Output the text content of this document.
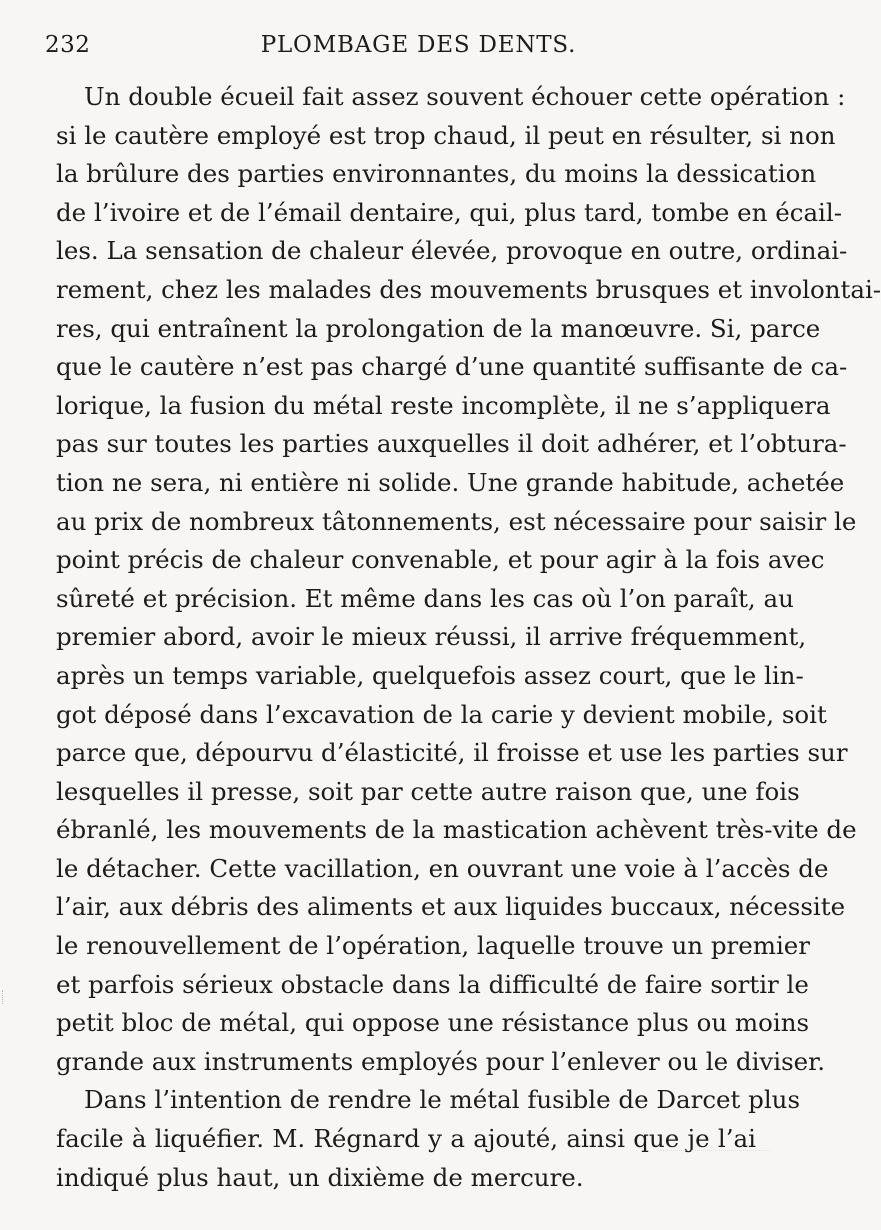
232	PLOMBAGE DES DENTS.
Un double écueil fait assez souvent échouer cette opération :
si le cautère employé est trop chaud, il peut en résulter, si non
la brûlure des parties environnantes, du moins la dessication
de l’ivoire et de l’émail dentaire, qui, plus tard, tombe en écail-
les. La sensation de chaleur élevée, provoque en outre, ordinai-
rement, chez les malades des mouvements brusques et involontai-
res, qui entraînent la prolongation de la manœuvre. Si, parce
que le cautère n’est pas chargé d’une quantité suffisante de ca-
lorique, la fusion du métal reste incomplète, il ne s’appliquera
pas sur toutes les parties auxquelles il doit adhérer, et l’obtura-
tion ne sera, ni entière ni solide. Une grande habitude, achetée
au prix de nombreux tâtonnements, est nécessaire pour saisir le
point précis de chaleur convenable, et pour agir à la fois avec
sûreté et précision. Et même dans les cas où l’on paraît, au
premier abord, avoir le mieux réussi, il arrive fréquemment,
après un temps variable, quelquefois assez court, que le lin-
got déposé dans l’excavation de la carie y devient mobile, soit
parce que, dépourvu d’élasticité, il froisse et use les parties sur
lesquelles il presse, soit par cette autre raison que, une fois
ébranlé, les mouvements de la mastication achèvent très-vite de
le détacher. Cette vacillation, en ouvrant une voie à l’accès de
l’air, aux débris des aliments et aux liquides buccaux, nécessite
le renouvellement de l’opération, laquelle trouve un premier
et parfois sérieux obstacle dans la difficulté de faire sortir le
petit bloc de métal, qui oppose une résistance plus ou moins
grande aux instruments employés pour l’enlever ou le diviser.
Dans l’intention de rendre le métal fusible de Darcet plus
facile à liquéfier. M. Régnard y a ajouté, ainsi que je l’ai
indiqué plus haut, un dixième de mercure.
